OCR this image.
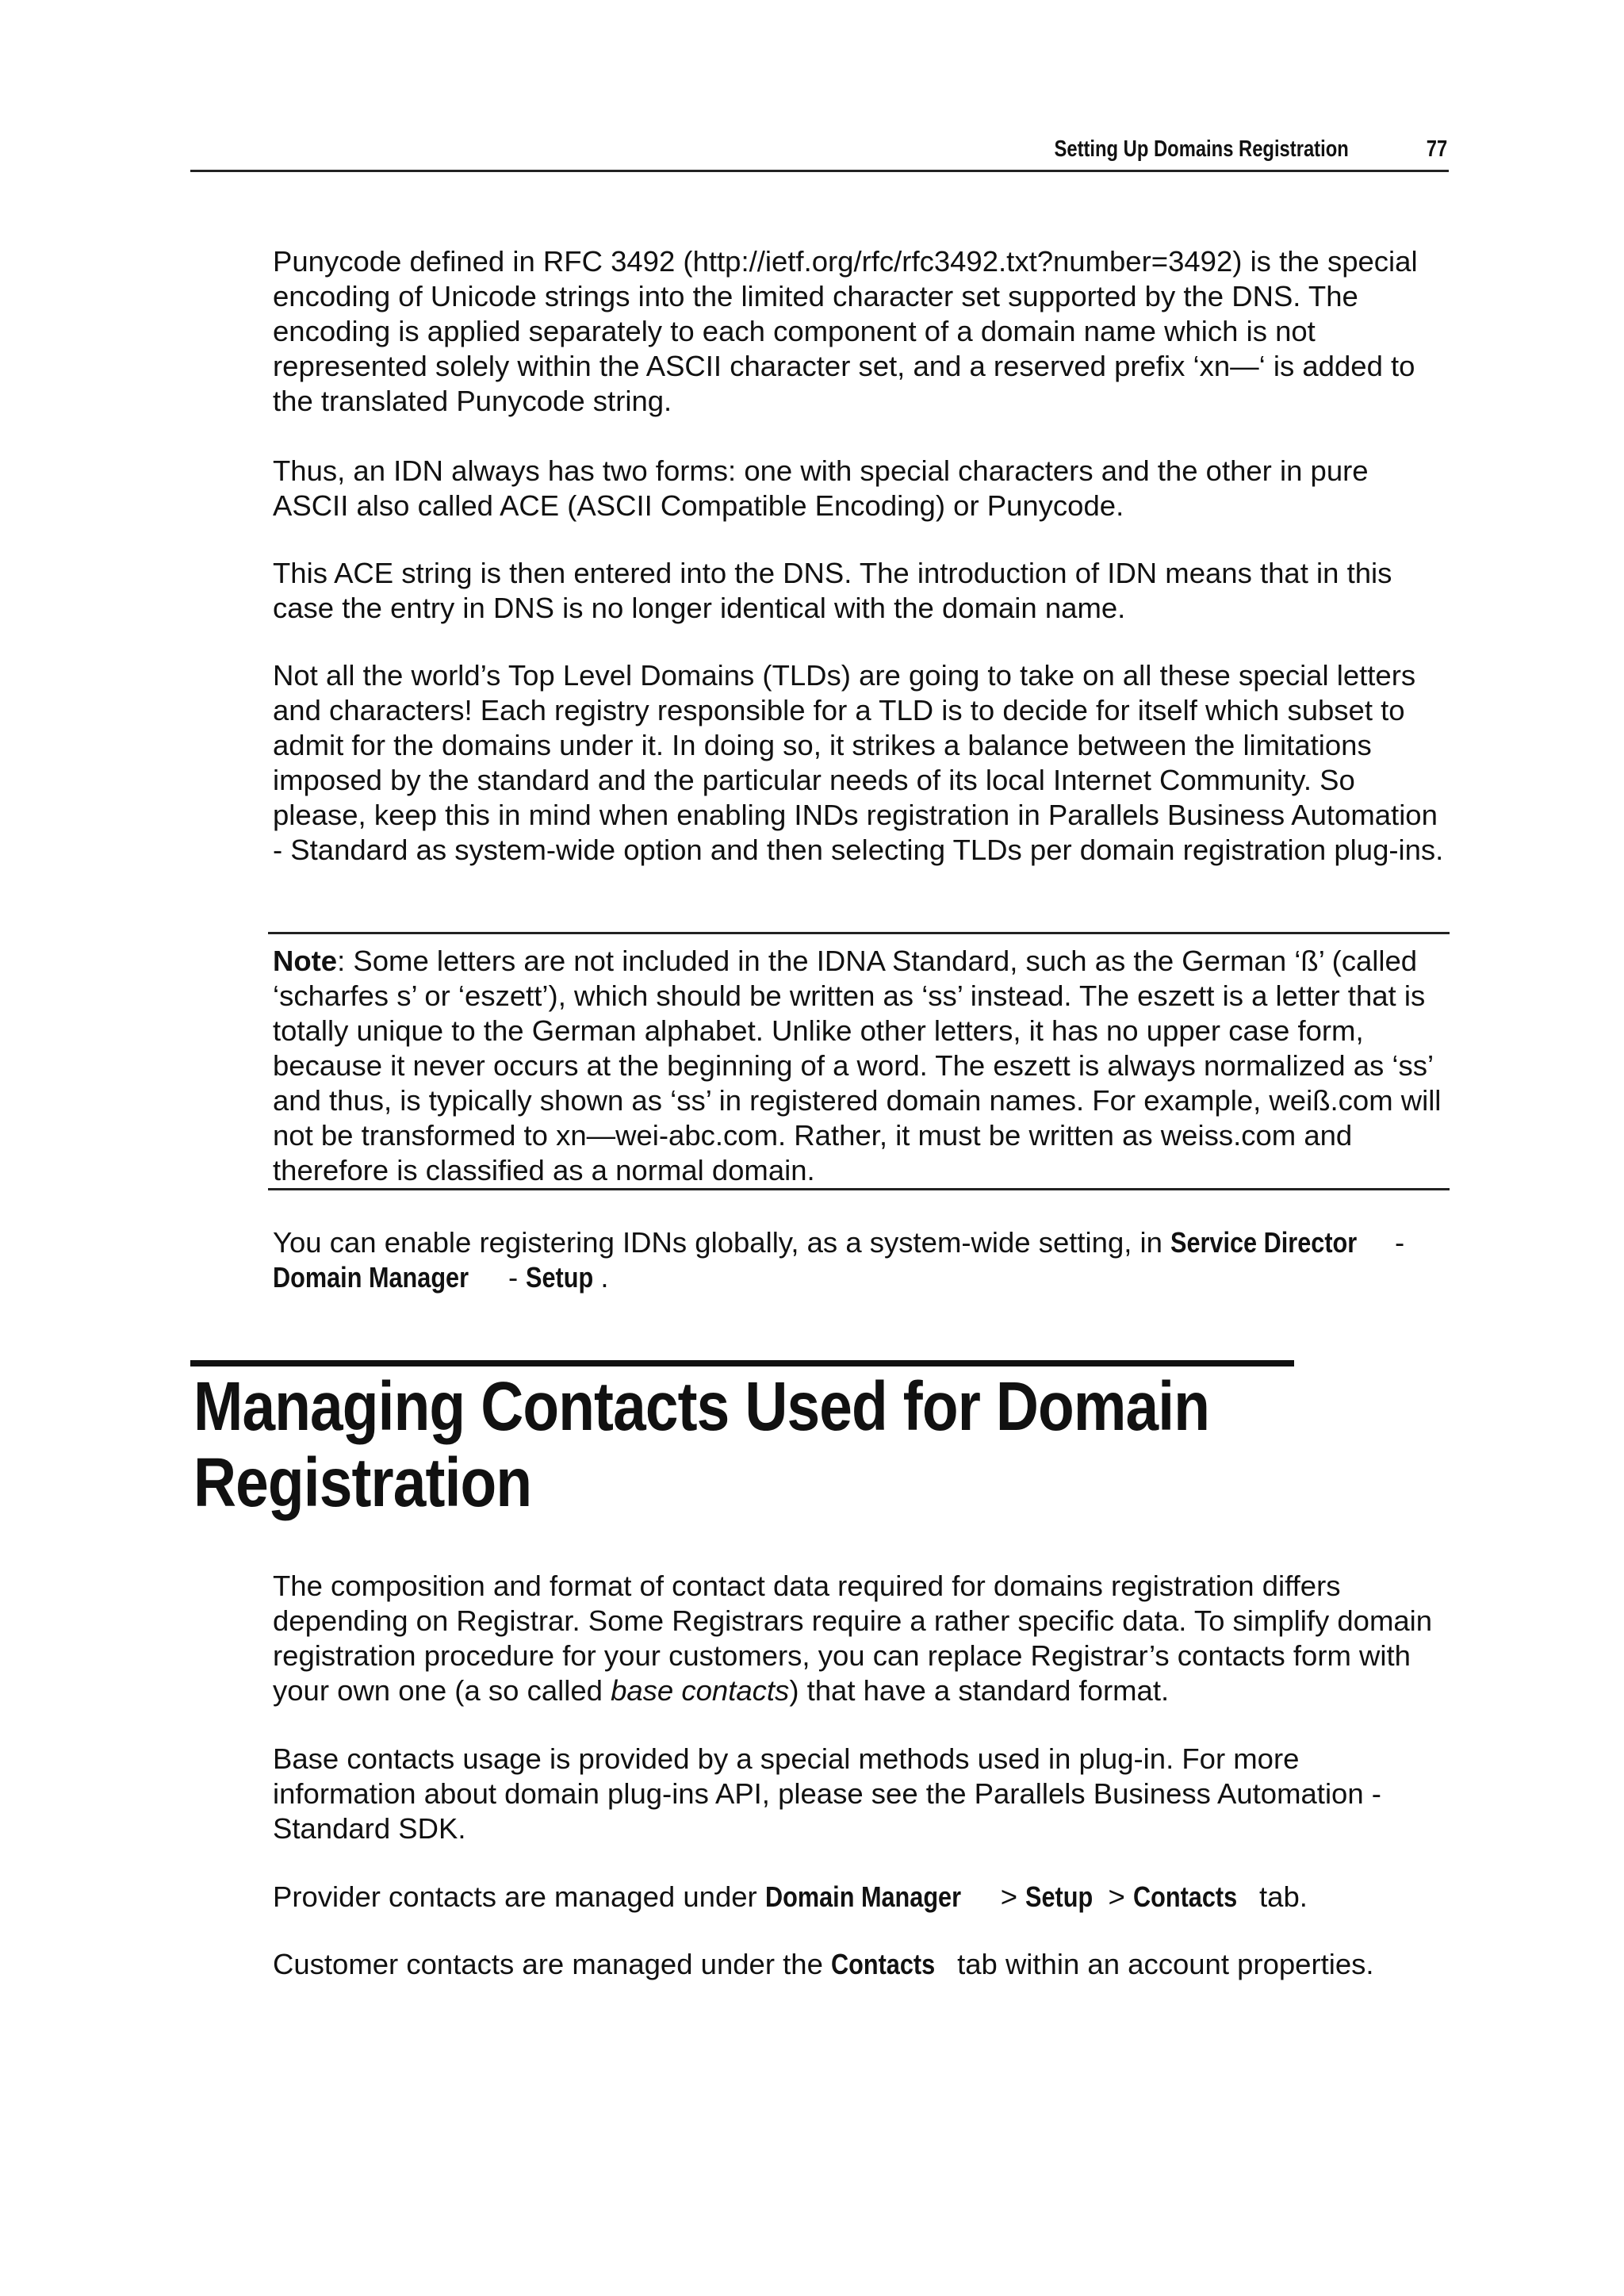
Setting Up Domains Registration	77

Punycode defined in RFC 3492 (http://ietf.org/rfc/rfc3492.txt?number=3492) is the special encoding of Unicode strings into the limited character set supported by the DNS. The encoding is applied separately to each component of a domain name which is not represented solely within the ASCII character set, and a reserved prefix ‘xn—‘ is added to the translated Punycode string.

Thus, an IDN always has two forms: one with special characters and the other in pure ASCII also called ACE (ASCII Compatible Encoding) or Punycode.

This ACE string is then entered into the DNS. The introduction of IDN means that in this case the entry in DNS is no longer identical with the domain name.

Not all the world’s Top Level Domains (TLDs) are going to take on all these special letters and characters! Each registry responsible for a TLD is to decide for itself which subset to admit for the domains under it. In doing so, it strikes a balance between the limitations imposed by the standard and the particular needs of its local Internet Community. So please, keep this in mind when enabling INDs registration in Parallels Business Automation - Standard as system-wide option and then selecting TLDs per domain registration plug-ins.

Note: Some letters are not included in the IDNA Standard, such as the German ‘ß’ (called ‘scharfes s’ or ‘eszett’), which should be written as ‘ss’ instead. The eszett is a letter that is totally unique to the German alphabet. Unlike other letters, it has no upper case form, because it never occurs at the beginning of a word. The eszett is always normalized as ‘ss’ and thus, is typically shown as ‘ss’ in registered domain names. For example, weiß.com will not be transformed to xn—wei-abc.com. Rather, it must be written as weiss.com and therefore is classified as a normal domain.

You can enable registering IDNs globally, as a system-wide setting, in Service Director - Domain Manager - Setup .

Managing Contacts Used for Domain Registration

The composition and format of contact data required for domains registration differs depending on Registrar. Some Registrars require a rather specific data. To simplify domain registration procedure for your customers, you can replace Registrar’s contacts form with your own one (a so called base contacts) that have a standard format.

Base contacts usage is provided by a special methods used in plug-in. For more information about domain plug-ins API, please see the Parallels Business Automation - Standard SDK.

Provider contacts are managed under Domain Manager > Setup > Contacts tab.

Customer contacts are managed under the Contacts tab within an account properties.
